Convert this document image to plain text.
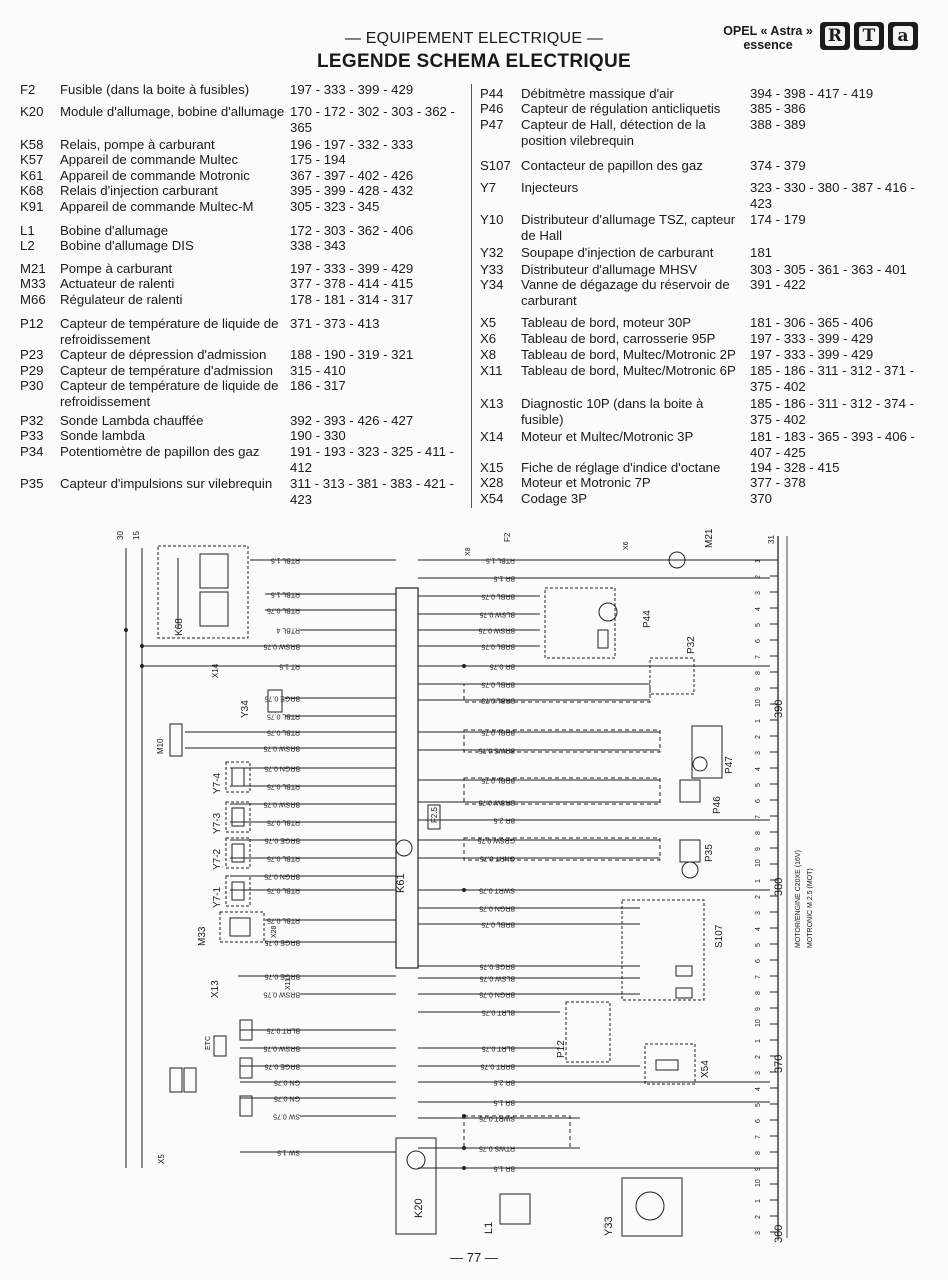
— EQUIPEMENT ELECTRIQUE —
LEGENDE SCHEMA ELECTRIQUE
OPEL « Astra »
essence	R T a
F2 Fusible (dans la boite à fusibles)	197 - 333 - 399 - 429
K20 Module d'allumage, bobine d'allumage 170 - 172 - 302 - 303 - 362 - 365
K58 Relais, pompe à carburant	196 - 197 - 332 - 333
K57 Appareil de commande Multec	175 - 194
K61 Appareil de commande Motronic	367 - 397 - 402 - 426
K68 Relais d'injection carburant	395 - 399 - 428 - 432
K91 Appareil de commande Multec-M	305 - 323 - 345
L1 Bobine d'allumage	172 - 303 - 362 - 406
L2 Bobine d'allumage DIS	338 - 343
M21 Pompe à carburant	197 - 333 - 399 - 429
M33 Actuateur de ralenti	377 - 378 - 414 - 415
M66 Régulateur de ralenti	178 - 181 - 314 - 317
P12 Capteur de température de liquide de refroidissement
371 - 373 - 413
P23 Capteur de dépression d'admission	188 - 190 - 319 - 321
P29 Capteur de température d'admission	315 - 410
P30 Capteur de température de liquide de refroidissement
186 - 317
P32 Sonde Lambda chauffée	392 - 393 - 426 - 427
P33 Sonde lambda	190 - 330
P34 Potentiomètre de papillon des gaz	191 - 193 - 323 - 325 - 411 - 412
P35 Capteur d'impulsions sur vilebrequin	311 - 313 - 381 - 383 - 421 - 423
P44 Débitmètre massique d'air	394 - 398 - 417 - 419
P46 Capteur de régulation anticliquetis	385 - 386
P47 Capteur de Hall, détection de la position vilebrequin
388 - 389
S107 Contacteur de papillon des gaz	374 - 379
Y7 Injecteurs	323 - 330 - 380 - 387 - 416 - 423
Y10 Distributeur d'allumage TSZ, capteur de Hall
174 - 179
Y32 Soupape d'injection de carburant	181
Y33 Distributeur d'allumage MHSV	303 - 305 - 361 - 363 - 401
Y34 Vanne de dégazage du réservoir de carburant
391 - 422
X5 Tableau de bord, moteur 30P	181 - 306 - 365 - 406
X6 Tableau de bord, carrosserie 95P	197 - 333 - 399 - 429
X8 Tableau de bord, Multec/Motronic 2P	197 - 333 - 399 - 429
X11 Tableau de bord, Multec/Motronic 6P	185 - 186 - 311 - 312 - 371 - 375 - 402
X13 Diagnostic 10P (dans la boite à fusible)
185 - 186 - 311 - 312 - 374 - 375 - 402
X14 Moteur et Multec/Motronic 3P	181 - 183 - 365 - 393 - 406 - 407 - 425
X15 Fiche de réglage d'indice d'octane	194 - 328 - 415
X28 Moteur et Motronic 7P	377 - 378
X54 Codage 3P	370
30 15
K61
F2.5
31
390
380
370
360
MOTOR/ENGINE C20XE (16V) MOTRONIC M 2.5 (MOT)
1
2
3
4
5
6
7
8
9
10
1
2
3
4
5
6
7
8
9
10
1
2
3
4
5
6
7
8
9
10
1
2
3
4
5
6
7
8
9
10
1
2
3
RTBL 1.5
RTBL 1.5
RTBL 0.75
RTBL 4
BRSW 0.75
RT 1.5
BRGE 0.75
RTBL 0.75
RTBL 0.75
BRSW 0.75
BRGN 0.75
RTBL 0.75
BRSW 0.75
RTBL 0.75
BRGE 0.75
RTBL 0.75
BRGN 0.75
RTBL 0.75
RTBL 0.75
BRGE 0.75
BRGE 0.75
BRSW 0.75
BLRT 0.75
BRSW 0.75
BRGE 0.75
GN 0.75
GN 0.75
SW 0.75
SW 1.5
RTBL 1.5
BR 1.5
BRBL 0.75
BLSW 0.75
BRSW 0.75
BRBL 0.75
BR 0.75
BRBL 0.75
BRBL 0.75
BRBL 0.75
BRWS 0.75
BRBL 0.75
BRSW 0.75
BR 2.5
GRSW 0.75
GNRT 0.75
SWRT 0.75
BRGN 0.75
BRBL 0.75
BRGE 0.75
BLSW 0.75
BRGN 0.75
BLRT 0.75
BLRT 0.75
BRRT 0.75
BR 2.5
BR 1.5
SWRT 0.75
RTWS 0.75
BR 1.5
K68
X14
Y34
M10
Y7-4
Y7-3
Y7-2
Y7-1
M33	X28
X13	X11
ETC
X5
K20
L1	Y33
F2
X8
X6	M21
P44
P32
P47
P46
P35
S107
P12
X54
— 77 —
